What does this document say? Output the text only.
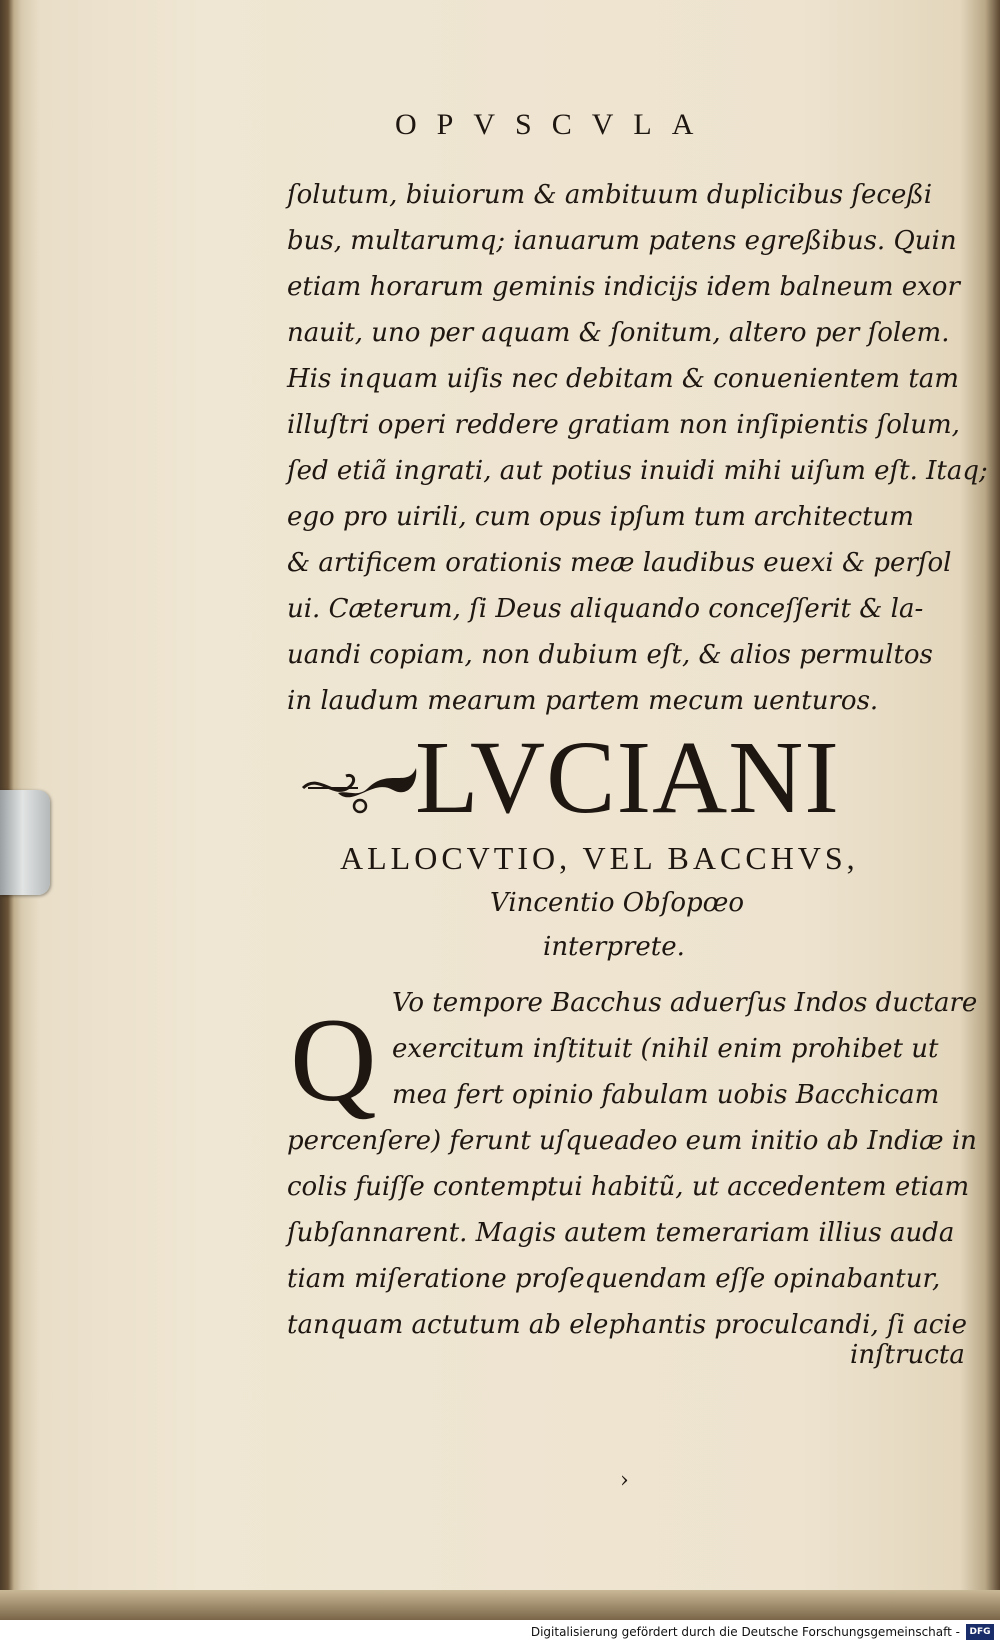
OPVSCVLA
ſolutum, biuiorum & ambituum duplicibus ſeceßi
bus, multarumq; ianuarum patens egreßibus. Quin
etiam horarum geminis indicijs idem balneum exor
nauit, uno per aquam & ſonitum, altero per ſolem.
His inquam uiſis nec debitam & conuenientem tam
illuſtri operi reddere gratiam non inſipientis ſolum,
ſed etiã ingrati, aut potius inuidi mihi uiſum eſt. Itaq;
ego pro uirili, cum opus ipſum tum architectum
& artificem orationis meæ laudibus euexi & perſol
ui. Cæterum, ſi Deus aliquando conceſſerit & la-
uandi copiam, non dubium eſt, & alios permultos
in laudum mearum partem mecum uenturos.
LVCIANI
ALLOCVTIO, VEL BACCHVS,
Vincentio Obſopœo
interprete.
Q Vo tempore Bacchus aduerſus Indos ductare
exercitum inſtituit (nihil enim prohibet ut
mea fert opinio fabulam uobis Bacchicam
percenſere) ferunt uſqueadeo eum initio ab Indiæ in
colis fuiſſe contemptui habitũ, ut accedentem etiam
ſubſannarent. Magis autem temerariam illius auda
tiam miſeratione proſequendam eſſe opinabantur,
tanquam actutum ab elephantis proculcandi, ſi acie
inſtructa
›
Digitalisierung gefördert durch die Deutsche Forschungsgemeinschaft -	DFG
